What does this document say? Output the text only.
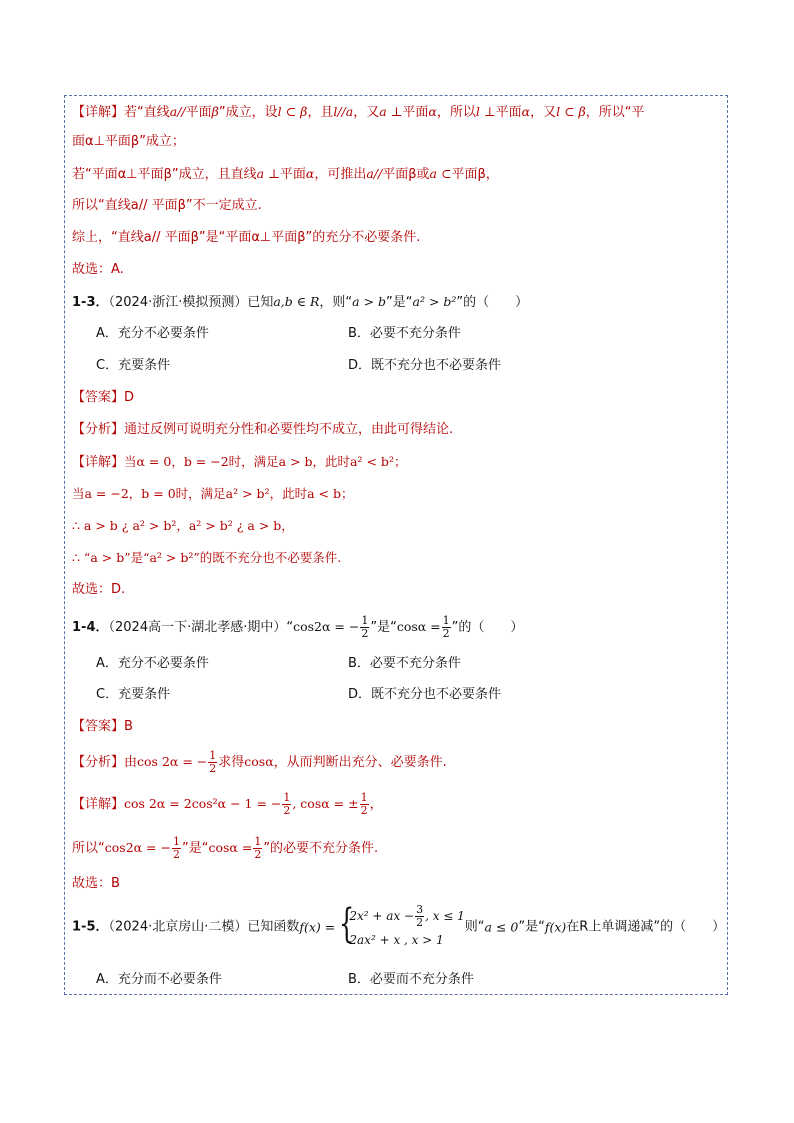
【详解】若“直线a//平面β”成立，设l ⊂ β，且l//a，又a ⊥平面α，所以l ⊥平面α，又l ⊂ β，所以“平
面α⊥平面β”成立；
若“平面α⊥平面β”成立，且直线a ⊥平面α，可推出a//平面β或a ⊂平面β，
所以“直线a// 平面β”不一定成立.
综上，“直线a// 平面β”是“平面α⊥平面β”的充分不必要条件.
故选：A.
1-3．（2024·浙江·模拟预测）已知a,b ∈ R，则“a > b”是“a² > b²”的（　　）
A．充分不必要条件	B．必要不充分条件
C．充要条件	D．既不充分也不必要条件
【答案】D
【分析】通过反例可说明充分性和必要性均不成立，由此可得结论.
【详解】当α = 0，b = −2时，满足a > b，此时a² < b²；
当a = −2，b = 0时，满足a² > b²，此时a < b；
∴ a > b ¿ a² > b²，a² > b² ¿ a > b，
∴ “a > b”是“a² > b²”的既不充分也不必要条件.
故选：D.
1-4．（2024高一下·湖北孝感·期中）“cos2α = − $\frac{1}{2}$ ”是“$\cos\alpha = \frac{1}{2}$ ”的（　　）
A．充分不必要条件	B．必要不充分条件
C．充要条件	D．既不充分也不必要条件
【答案】B
【分析】由cos 2α = − $\frac{1}{2}$ 求得cosα，从而判断出充分、必要条件.
【详解】cos 2α = 2cos²α − 1 = − $\frac{1}{2}$ , cosα = ± $\frac{1}{2}$ ，
所以“cos2α = − $\frac{1}{2}$ ”是“$\cos\alpha = \frac{1}{2}$ ”的必要不充分条件.
故选：B
1-5．（2024·北京房山·二模）已知函数f(x) = {
2x² + ax − $\frac{3}{2}$ , x ≤ 1
2ax² + x , x > 1
则“a ≤ 0”是“f(x)在R上单调递减”的（　　）
A．充分而不必要条件	B．必要而不充分条件
